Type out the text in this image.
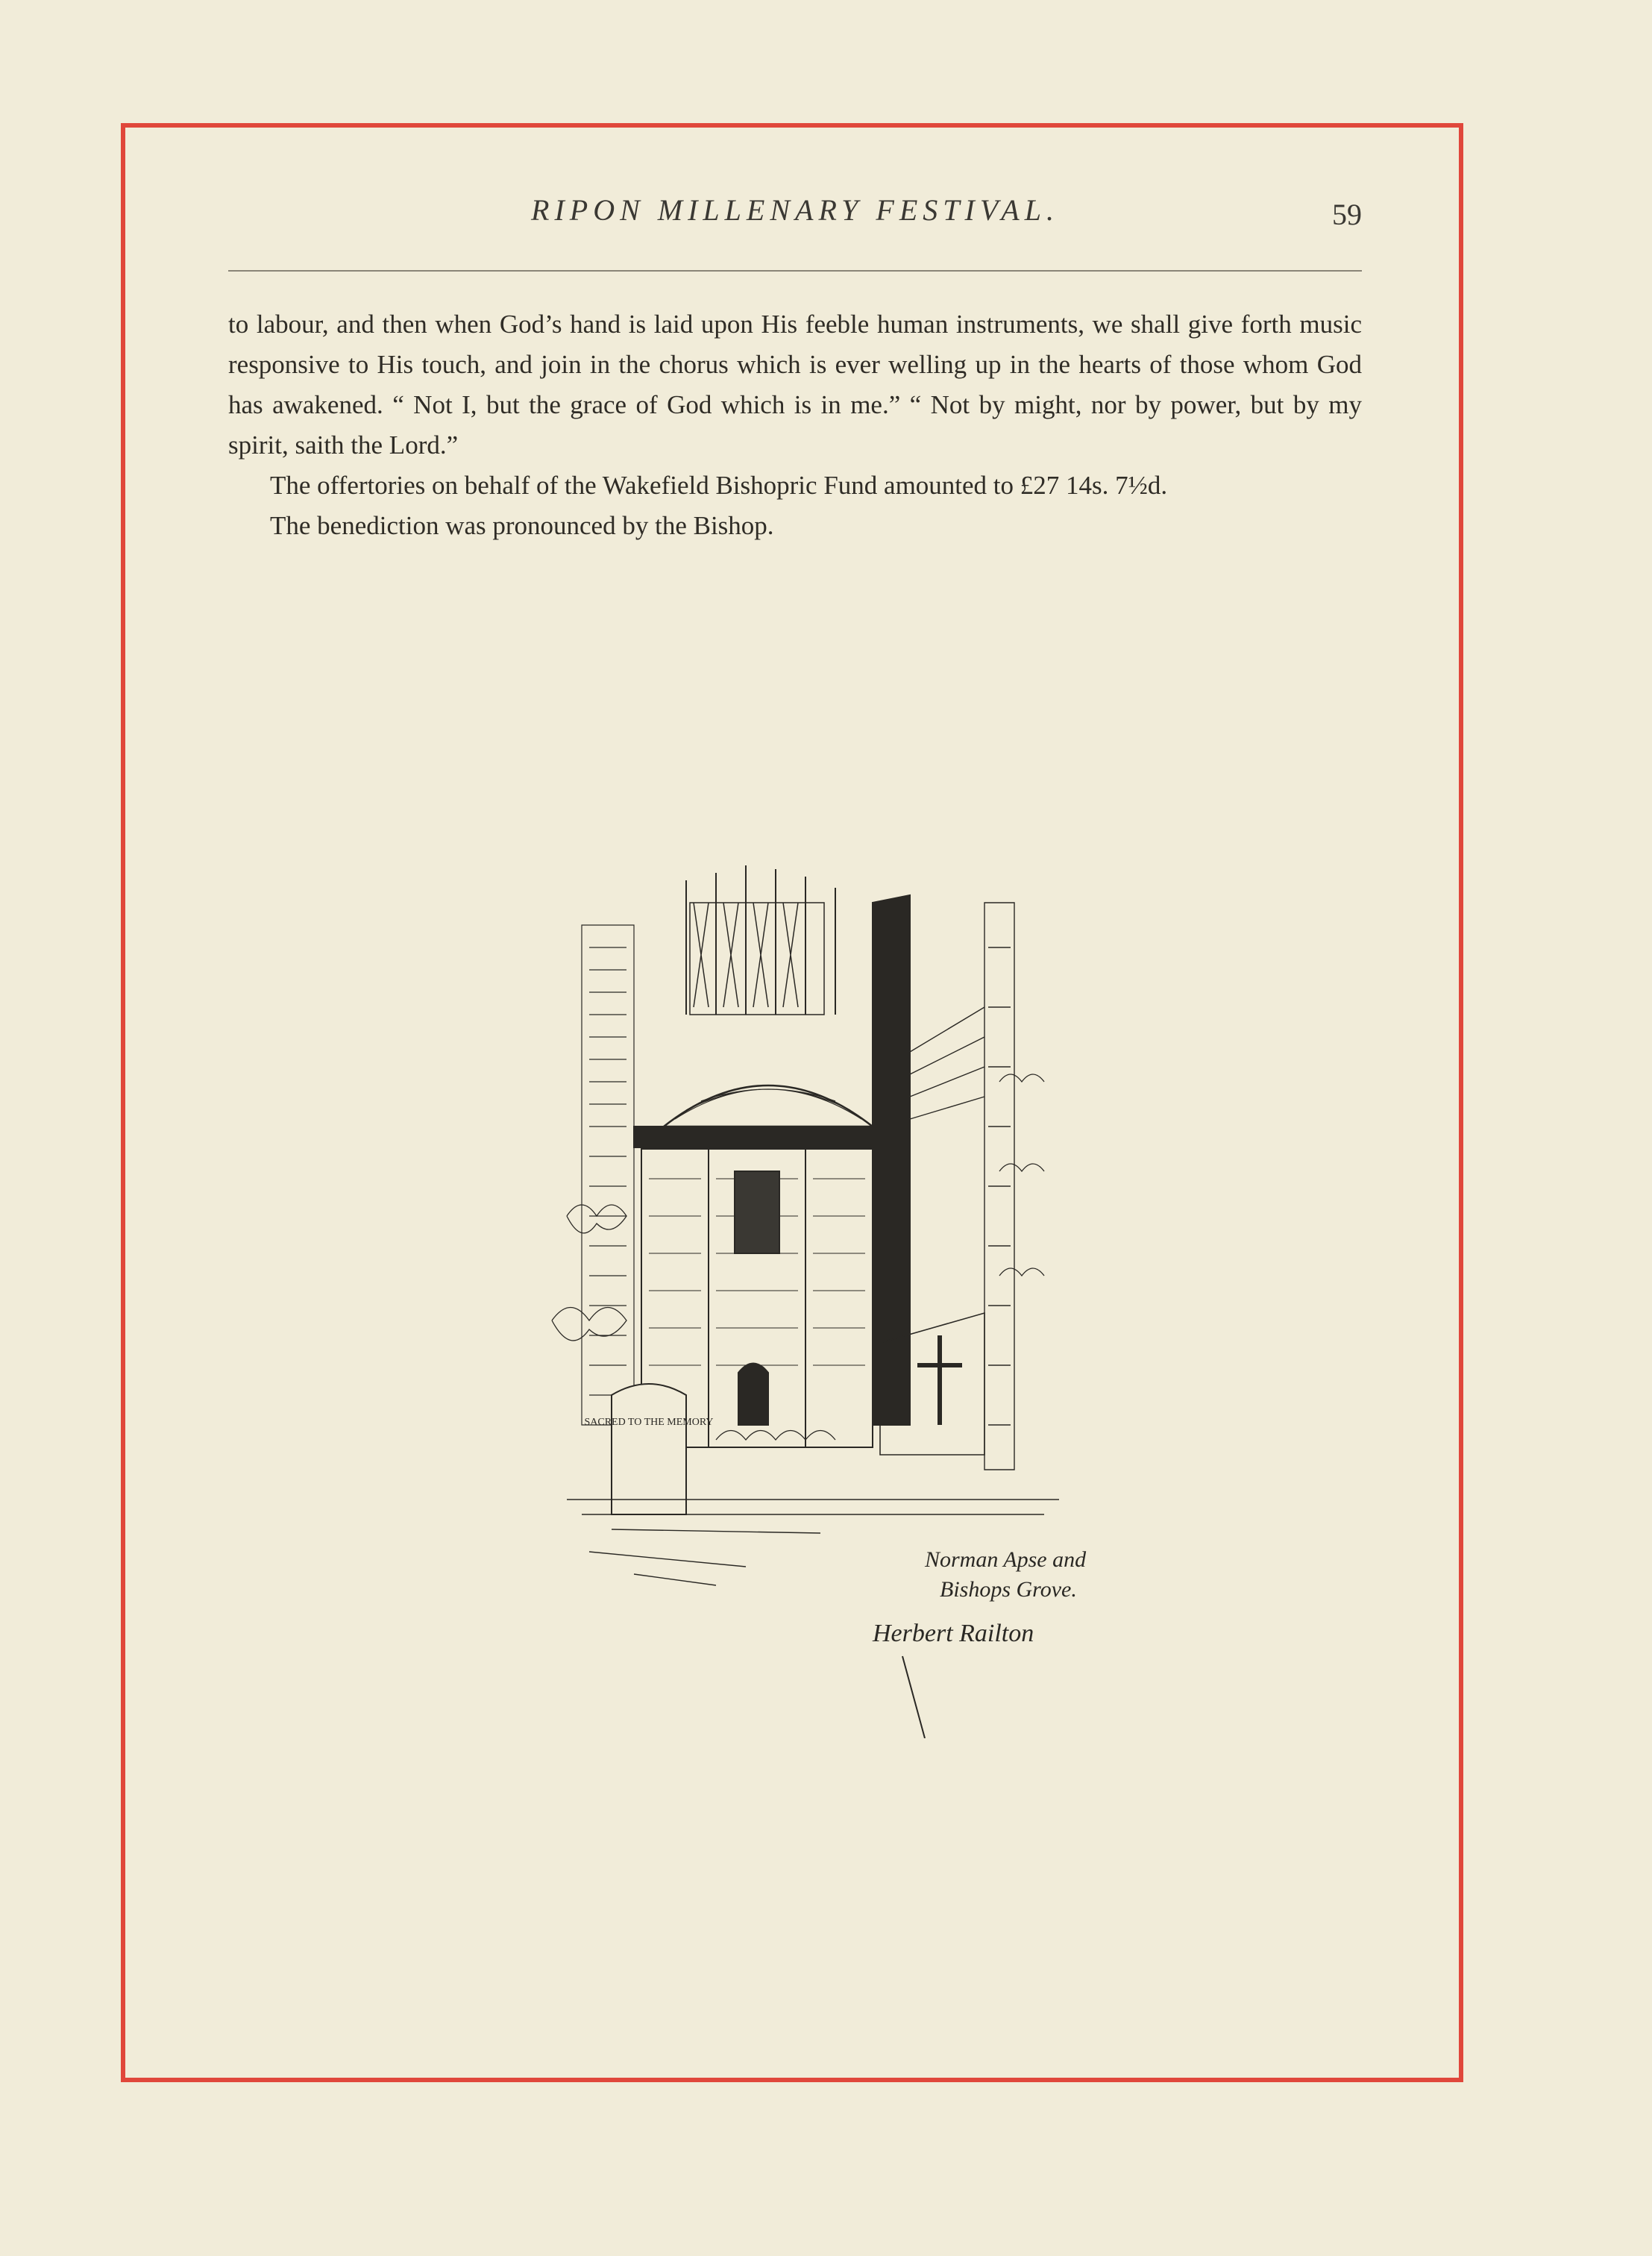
RIPON MILLENARY FESTIVAL.	59

to labour, and then when God’s hand is laid upon His feeble human instruments, we shall give forth music responsive to His touch, and join in the chorus which is ever welling up in the hearts of those whom God has awakened. “ Not I, but the grace of God which is in me.” “ Not by might, nor by power, but by my spirit, saith the Lord.”

The offertories on behalf of the Wakefield Bishopric Fund amounted to £27 14s. 7½d.

The benediction was pronounced by the Bishop.

SACRED TO THE MEMORY
Norman Apse and
Bishops Grove.
Herbert Railton
